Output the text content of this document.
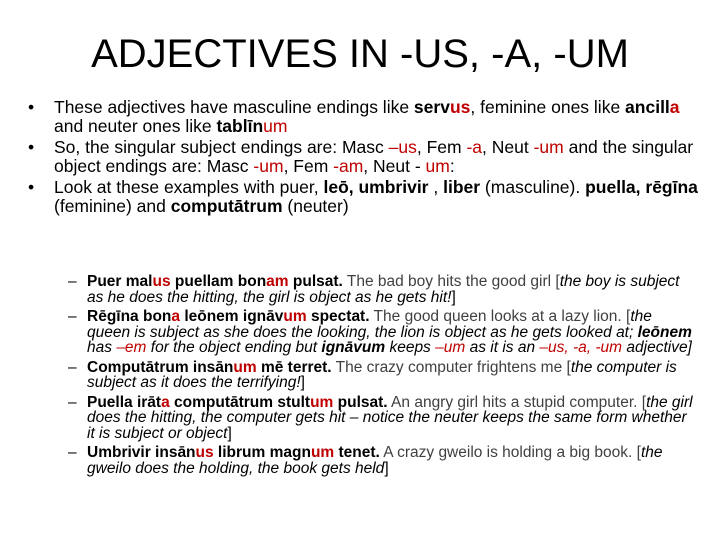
ADJECTIVES IN -US, -A, -UM
• These adjectives have masculine endings like servus, feminine ones like ancilla and neuter ones like tablīnum
• So, the singular subject endings are: Masc –us, Fem -a, Neut -um and the singular object endings are: Masc -um, Fem -am, Neut - um:
• Look at these examples with puer, leō, umbrivir , liber (masculine). puella, rēgīna (feminine) and computātrum (neuter)
– Puer malus puellam bonam pulsat. The bad boy hits the good girl [the boy is subject as he does the hitting, the girl is object as he gets hit!]
– Rēgīna bona leōnem ignāvum spectat. The good queen looks at a lazy lion. [the queen is subject as she does the looking, the lion is object as he gets looked at; leōnem has –em for the object ending but ignāvum keeps –um as it is an –us, -a, -um adjective]
– Computātrum insānum mē terret. The crazy computer frightens me [the computer is subject as it does the terrifying!]
– Puella irāta computātrum stultum pulsat. An angry girl hits a stupid computer. [the girl does the hitting, the computer gets hit – notice the neuter keeps the same form whether it is subject or object]
– Umbrivir insānus librum magnum tenet. A crazy gweilo is holding a big book. [the gweilo does the holding, the book gets held]
